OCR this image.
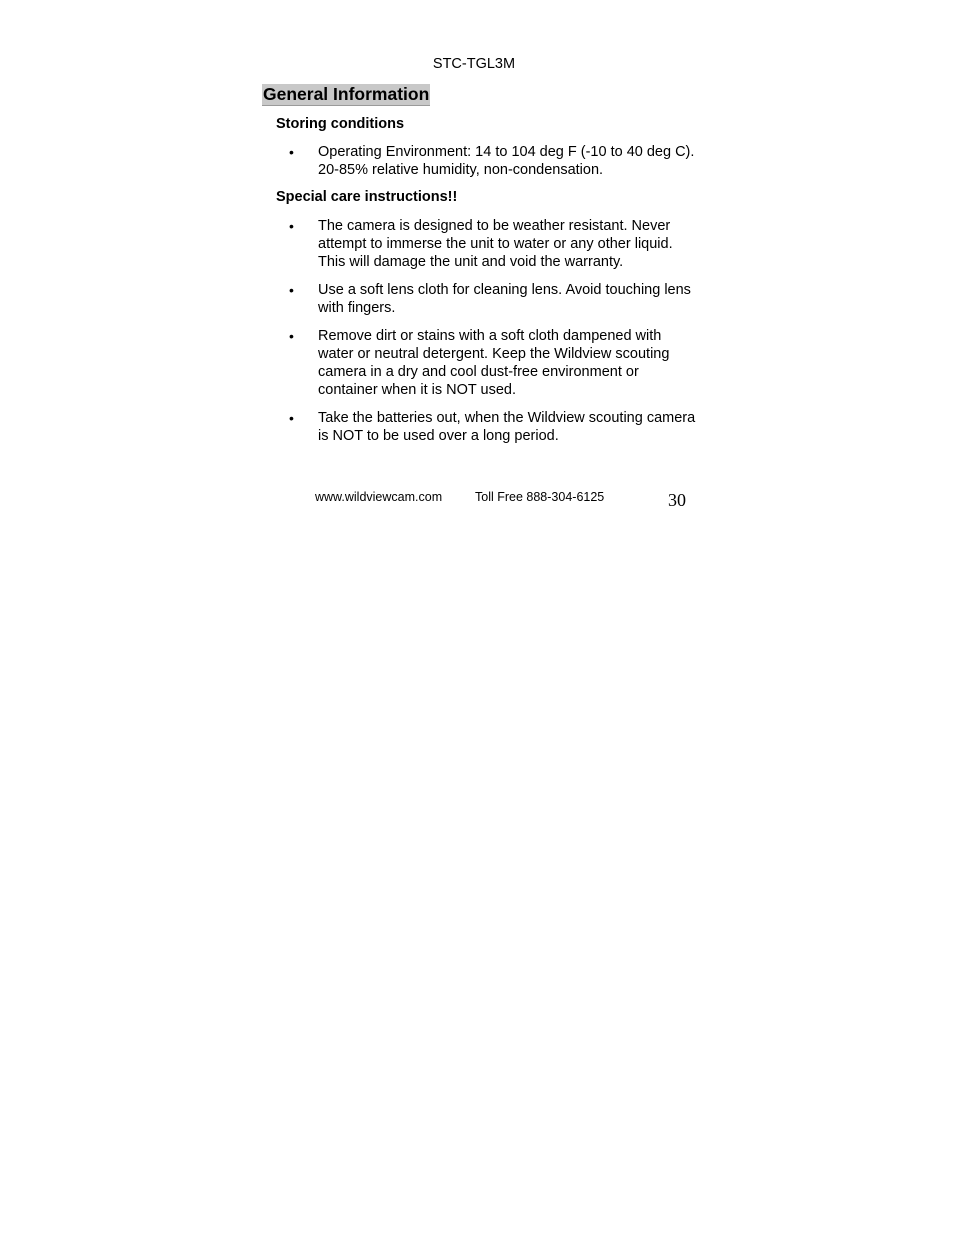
STC-TGL3M
General Information
Storing conditions
• Operating Environment: 14 to 104 deg F (-10 to 40 deg C). 20-85% relative humidity, non-condensation.
Special care instructions!!
• The camera is designed to be weather resistant. Never attempt to immerse the unit to water or any other liquid. This will damage the unit and void the warranty.
• Use a soft lens cloth for cleaning lens. Avoid touching lens with fingers.
• Remove dirt or stains with a soft cloth dampened with water or neutral detergent. Keep the Wildview scouting camera in a dry and cool dust-free environment or container when it is NOT used.
• Take the batteries out, when the Wildview scouting camera is NOT to be used over a long period.
www.wildviewcam.com	Toll Free 888-304-6125	30
